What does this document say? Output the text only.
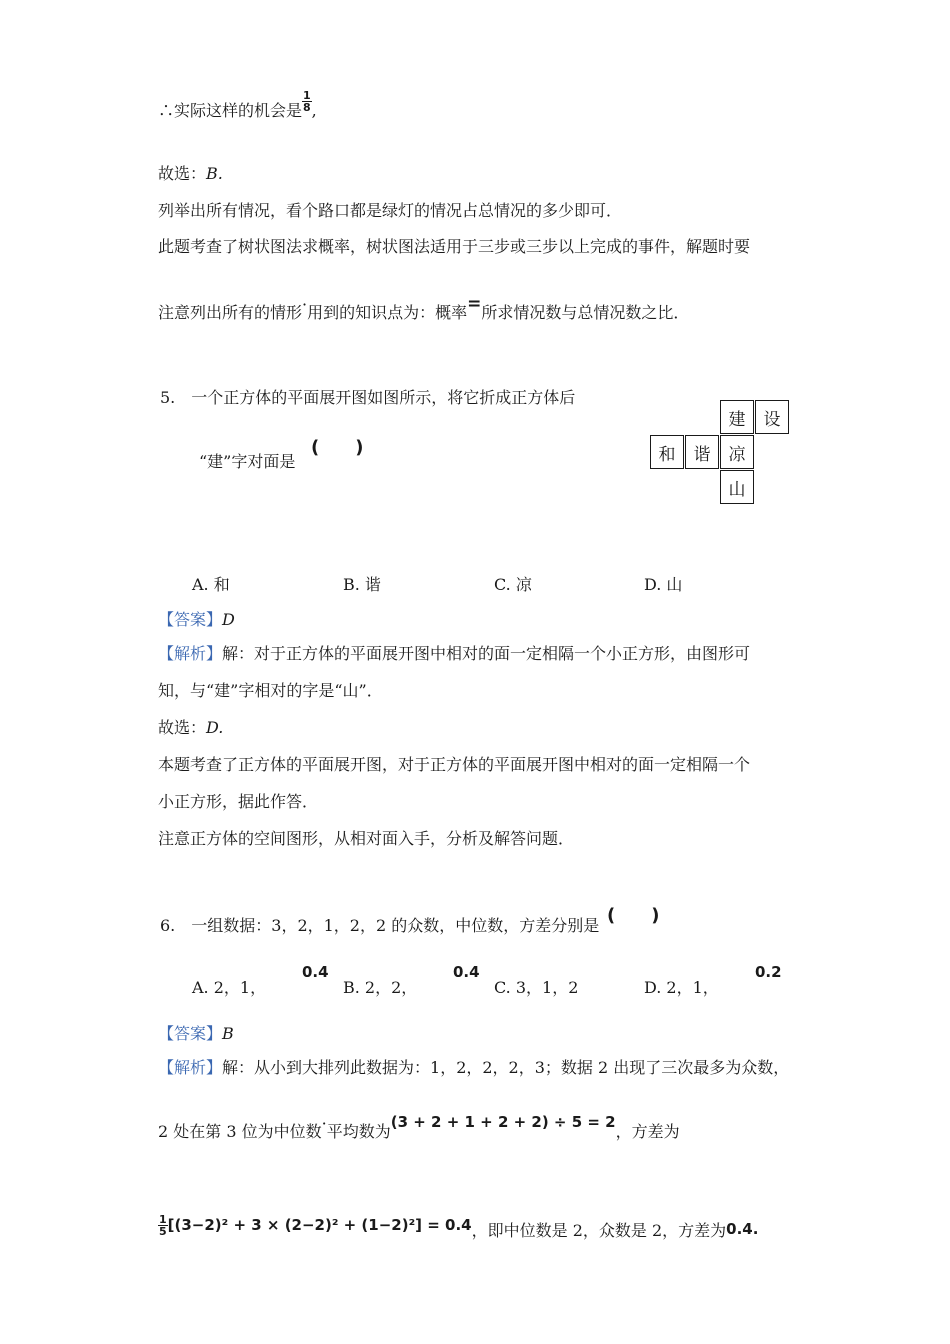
∴实际这样的机会是 $\frac{1}{8}$ ,
故选：B.
列举出所有情况，看个路口都是绿灯的情况占总情况的多少即可．
此题考查了树状图法求概率，树状图法适用于三步或三步以上完成的事件，解题时要
注意列出所有的情形·用到的知识点为：概率=所求情况数与总情况数之比．
5.　一个正方体的平面展开图如图所示，将它折成正方体后
“建”字对面是
(　　)
建	设
和	谐	凉
山
A. 和	B. 谐	C. 凉	D. 山
【答案】D
【解析】解：对于正方体的平面展开图中相对的面一定相隔一个小正方形，由图形可
知，与“建”字相对的字是“山”．
故选：D.
本题考查了正方体的平面展开图，对于正方体的平面展开图中相对的面一定相隔一个
小正方形，据此作答．
注意正方体的空间图形，从相对面入手，分析及解答问题．
6.　一组数据：3，2，1，2，2 的众数，中位数，方差分别是 (　　)
A. 2，1，
0.4
B. 2，2，
0.4
C. 3，1，2	D. 2，1，
0.2
【答案】B
【解析】解：从小到大排列此数据为：1，2，2，2，3；数据 2 出现了三次最多为众数，
2 处在第 3 位为中位数·平均数为(3 + 2 + 1 + 2 + 2) ÷ 5 = 2，方差为
$\frac{1}{5} [(3-2)^2 + 3 \times (2-2)^2 + (1-2)^2] = 0.4$，即中位数是 2，众数是 2，方差为0.4.
